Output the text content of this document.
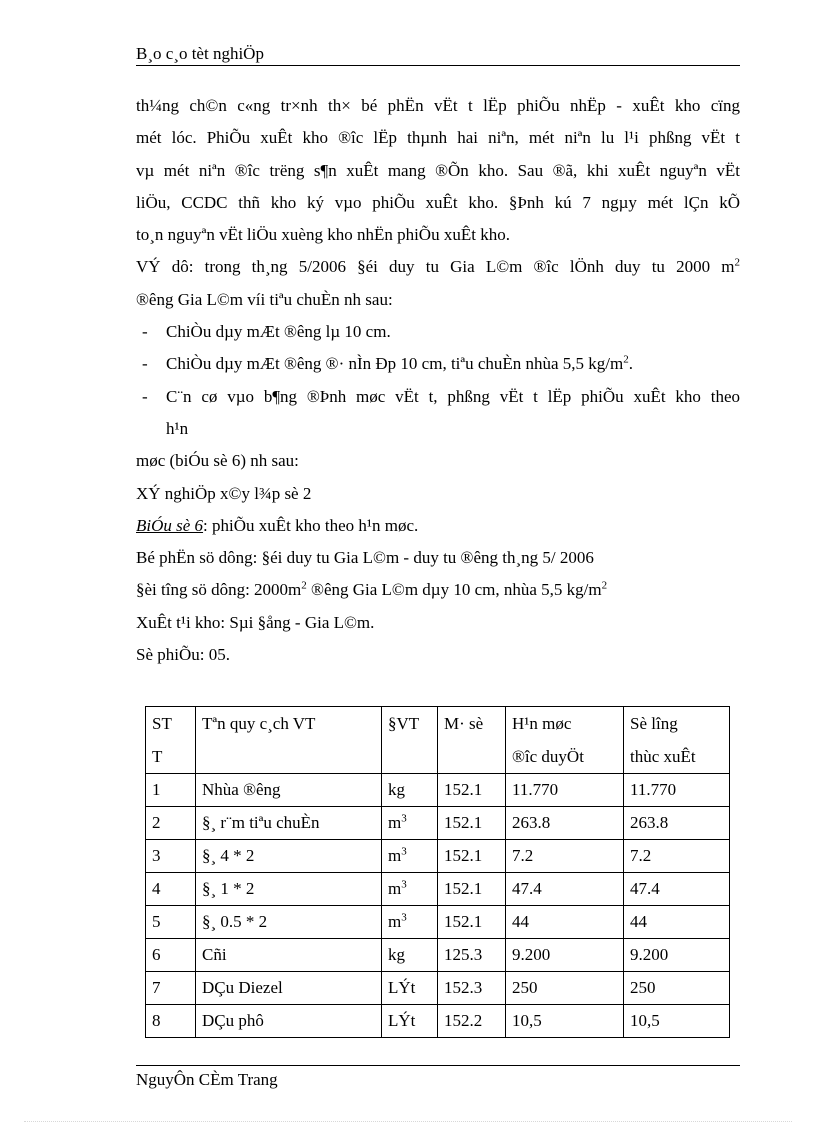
B¸o c¸o tèt nghiÖp

th¼ng ch©n c«ng tr×nh th× bé phËn vËt t lËp phiÕu nhËp - xuÊt kho cïng

mét lóc. PhiÕu xuÊt kho ®îc lËp thµnh hai niªn, mét niªn lu l¹i phßng vËt t

vµ mét niªn ®îc trëng s¶n xuÊt mang ®Õn kho. Sau ®ã, khi xuÊt nguyªn vËt

liÖu, CCDC thñ kho ký vµo phiÕu xuÊt kho. §Þnh kú 7 ngµy mét lÇn kÕ

to¸n nguyªn vËt liÖu xuèng kho nhËn phiÕu xuÊt kho.

VÝ dô: trong th¸ng 5/2006 §éi duy tu Gia L©m ®îc lÖnh duy tu 2000 $m^2$

®êng Gia L©m víi tiªu chuÈn nh sau:

-	ChiÒu dµy mÆt ®êng lµ 10 cm.
-	ChiÒu dµy mÆt ®êng ®· nÌn Ðp 10 cm, tiªu chuÈn nhùa 5,5 $kg/m^2$.
-	C¨n cø vµo b¶ng ®Þnh møc vËt t, phßng vËt t lËp phiÕu xuÊt kho theo

h¹n

møc (biÓu sè 6) nh sau:

XÝ nghiÖp x©y l¾p sè 2

BiÓu sè 6: phiÕu xuÊt kho theo h¹n møc.

Bé phËn sö dông: §éi duy tu Gia L©m - duy tu ®êng th¸ng 5/ 2006

§èi tîng sö dông: $2000m^2$ ®êng Gia L©m dµy 10 cm, nhùa 5,5 $kg/m^2$

XuÊt t¹i kho: Sµi §ång - Gia L©m.

Sè phiÕu: 05.

ST
T	Tªn quy c¸ch VT	§VT	M· sè	H¹n møc
®îc duyÖt	Sè lîng
thùc xuÊt
1	Nhùa ®êng	kg	152.1	11.770	11.770
2	§¸ r¨m tiªu chuÈn	$m^3$	152.1	263.8	263.8
3	§¸ 4 * 2	$m^3$	152.1	7.2	7.2
4	§¸ 1 * 2	$m^3$	152.1	47.4	47.4
5	§¸ 0.5 * 2	$m^3$	152.1	44	44
6	Cñi	kg	125.3	9.200	9.200
7	DÇu Diezel	LÝt	152.3	250	250
8	DÇu phô	LÝt	152.2	10,5	10,5
NguyÔn CÈm Trang
